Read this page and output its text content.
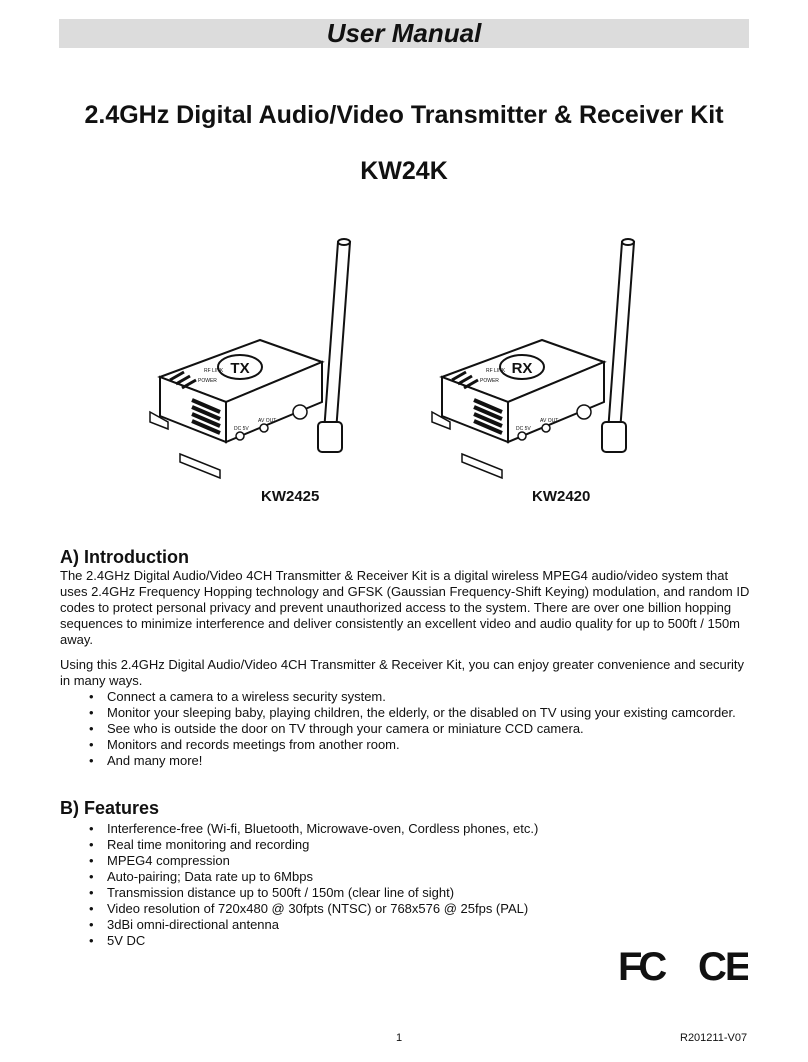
User Manual
2.4GHz Digital Audio/Video Transmitter & Receiver Kit
KW24K
TX
RF LINK
POWER
DC 5V
AV OUT
RX
RF LINK
POWER
DC 5V
AV OUT
KW2425	KW2420
A) Introduction
The 2.4GHz Digital Audio/Video 4CH Transmitter & Receiver Kit is a digital wireless MPEG4 audio/video system that uses 2.4GHz Frequency Hopping technology and GFSK (Gaussian Frequency-Shift Keying) modulation, and random ID codes to protect personal privacy and prevent unauthorized access to the system. There are over one billion hopping sequences to minimize interference and deliver consistently an excellent video and audio quality for up to 500ft / 150m away.
Using this 2.4GHz Digital Audio/Video 4CH Transmitter & Receiver Kit, you can enjoy greater convenience and security in many ways.
• Connect a camera to a wireless security system.
• Monitor your sleeping baby, playing children, the elderly, or the disabled on TV using your existing camcorder.
• See who is outside the door on TV through your camera or miniature CCD camera.
• Monitors and records meetings from another room.
• And many more!
B) Features
• Interference-free (Wi-fi, Bluetooth, Microwave-oven, Cordless phones, etc.)
• Real time monitoring and recording
• MPEG4 compression
• Auto-pairing; Data rate up to 6Mbps
• Transmission distance up to 500ft / 150m (clear line of sight)
• Video resolution of 720x480 @ 30fpts (NTSC) or 768x576 @ 25fps (PAL)
• 3dBi omni-directional antenna
• 5V DC
FC CE
1	R201211-V07
